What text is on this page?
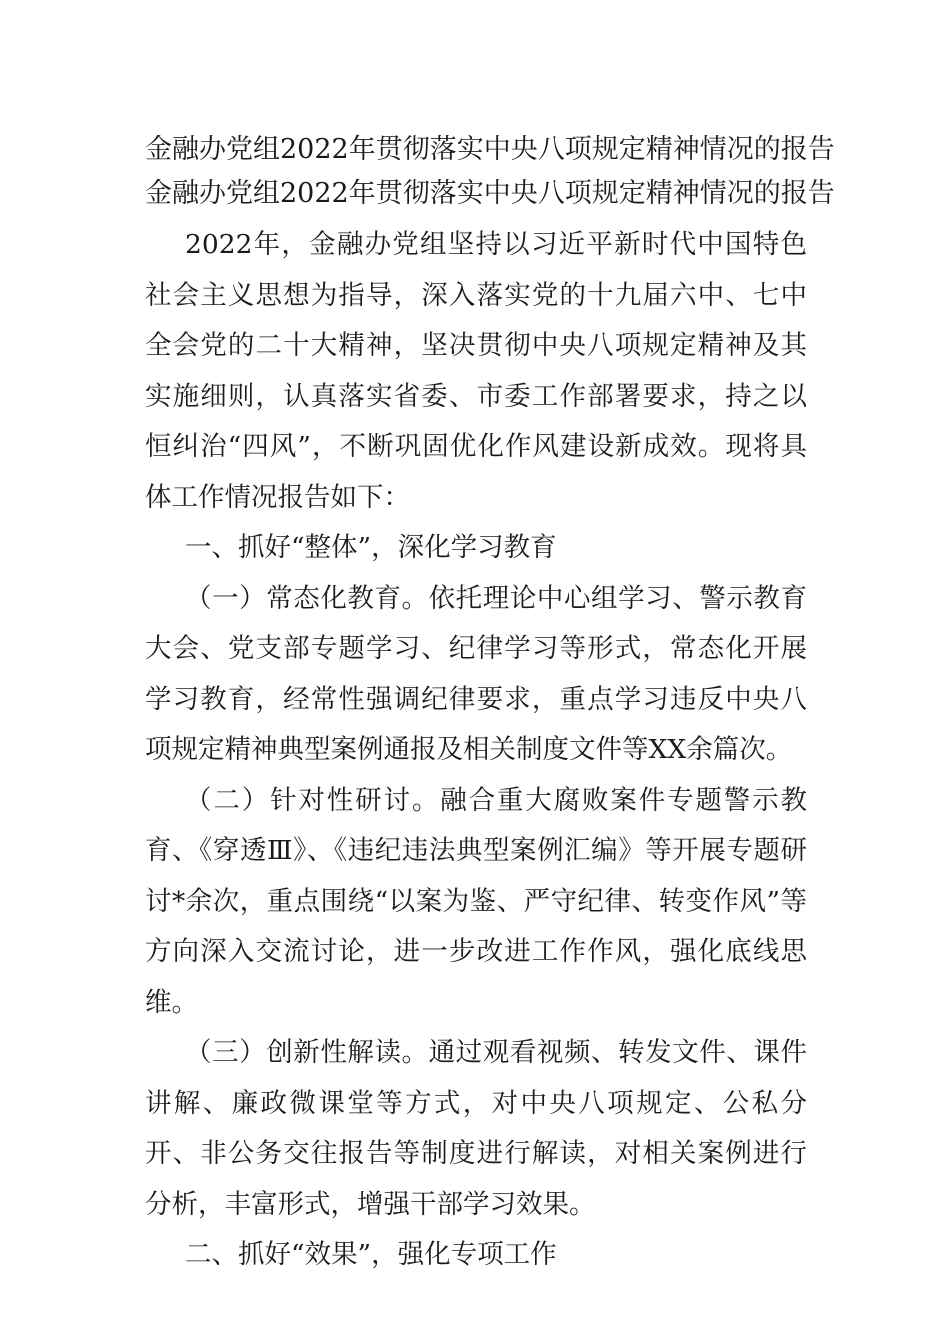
金融办党组2022年贯彻落实中央八项规定精神情况的报告
金融办党组2022年贯彻落实中央八项规定精神情况的报告

2022年，金融办党组坚持以习近平新时代中国特色社会主义思想为指导，深入落实党的十九届六中、七中全会党的二十大精神，坚决贯彻中央八项规定精神及其实施细则，认真落实省委、市委工作部署要求，持之以恒纠治“四风”，不断巩固优化作风建设新成效。现将具体工作情况报告如下：

一、抓好“整体”，深化学习教育

（一）常态化教育。依托理论中心组学习、警示教育大会、党支部专题学习、纪律学习等形式，常态化开展学习教育，经常性强调纪律要求，重点学习违反中央八项规定精神典型案例通报及相关制度文件等XX余篇次。

（二）针对性研讨。融合重大腐败案件专题警示教育、《穿透Ⅲ》、《违纪违法典型案例汇编》等开展专题研讨*余次，重点围绕“以案为鉴、严守纪律、转变作风”等方向深入交流讨论，进一步改进工作作风，强化底线思维。

（三）创新性解读。通过观看视频、转发文件、课件讲解、廉政微课堂等方式，对中央八项规定、公私分开、非公务交往报告等制度进行解读，对相关案例进行分析，丰富形式，增强干部学习效果。

二、抓好“效果”，强化专项工作
